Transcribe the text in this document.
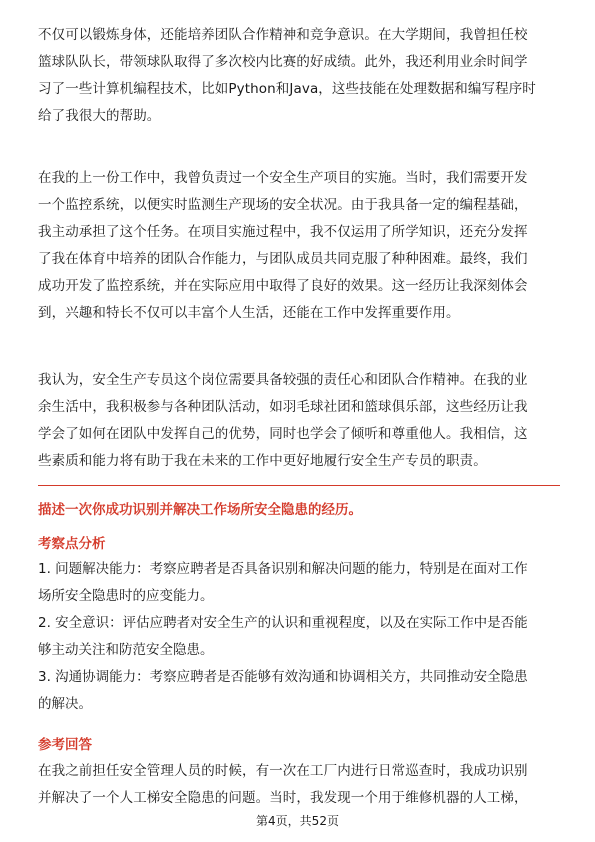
不仅可以锻炼身体，还能培养团队合作精神和竞争意识。在大学期间，我曾担任校

篮球队队长，带领球队取得了多次校内比赛的好成绩。此外，我还利用业余时间学

习了一些计算机编程技术，比如Python和Java，这些技能在处理数据和编写程序时

给了我很大的帮助。

在我的上一份工作中，我曾负责过一个安全生产项目的实施。当时，我们需要开发

一个监控系统，以便实时监测生产现场的安全状况。由于我具备一定的编程基础，

我主动承担了这个任务。在项目实施过程中，我不仅运用了所学知识，还充分发挥

了我在体育中培养的团队合作能力，与团队成员共同克服了种种困难。最终，我们

成功开发了监控系统，并在实际应用中取得了良好的效果。这一经历让我深刻体会

到，兴趣和特长不仅可以丰富个人生活，还能在工作中发挥重要作用。

我认为，安全生产专员这个岗位需要具备较强的责任心和团队合作精神。在我的业

余生活中，我积极参与各种团队活动，如羽毛球社团和篮球俱乐部，这些经历让我

学会了如何在团队中发挥自己的优势，同时也学会了倾听和尊重他人。我相信，这

些素质和能力将有助于我在未来的工作中更好地履行安全生产专员的职责。

描述一次你成功识别并解决工作场所安全隐患的经历。

考察点分析

1. 问题解决能力：考察应聘者是否具备识别和解决问题的能力，特别是在面对工作

场所安全隐患时的应变能力。

2. 安全意识：评估应聘者对安全生产的认识和重视程度，以及在实际工作中是否能

够主动关注和防范安全隐患。

3. 沟通协调能力：考察应聘者是否能够有效沟通和协调相关方，共同推动安全隐患

的解决。

参考回答

在我之前担任安全管理人员的时候，有一次在工厂内进行日常巡查时，我成功识别

并解决了一个人工梯安全隐患的问题。当时，我发现一个用于维修机器的人工梯，

第4页，共52页
